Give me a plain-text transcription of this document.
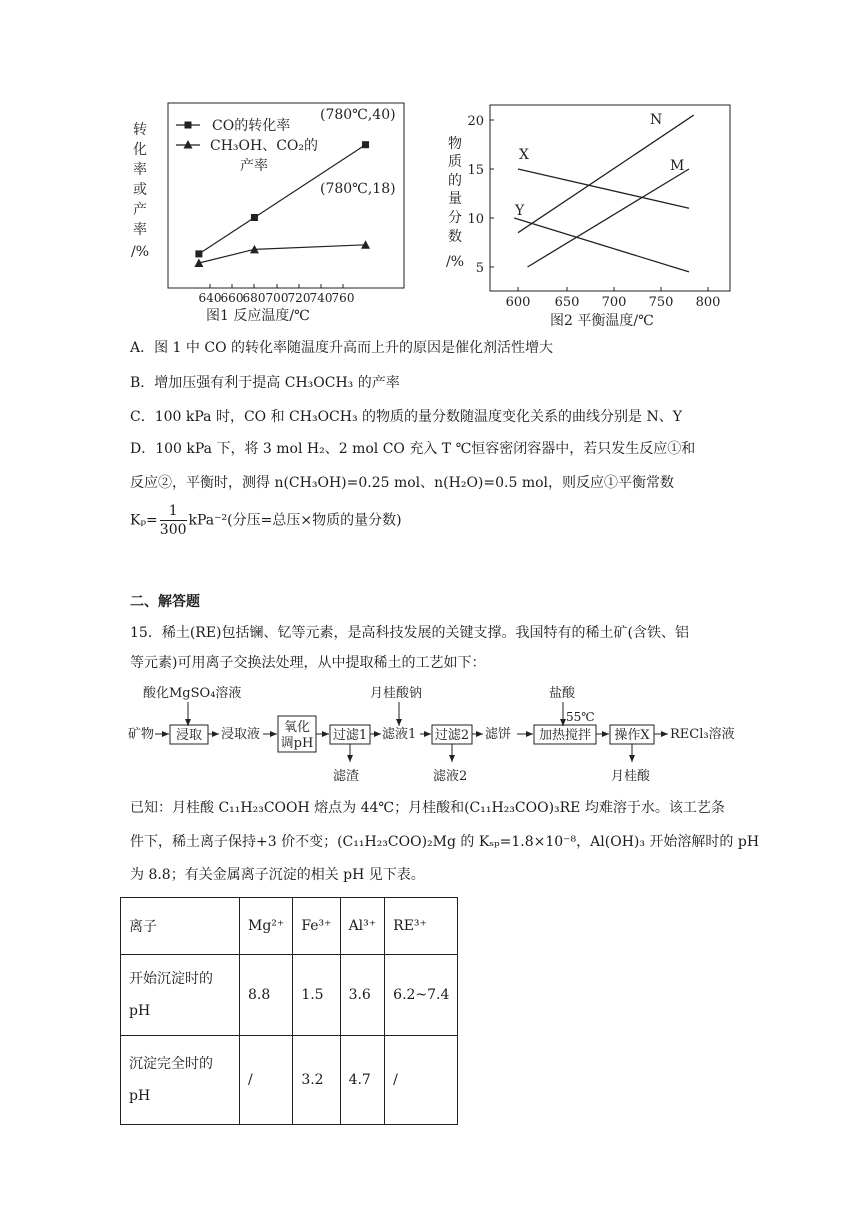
转
化
率
或
产
率
/%
640 660 680 700 720 740 760
CO的转化率
CH₃OH、CO₂的
产率
(780℃,40)
(780℃,18)
图1 反应温度/℃
物
质
的
量
分
数
/% 5
10
15
20
600 650 700 750 800
N
M
X
Y
图2 平衡温度/℃
A．图 1 中 CO 的转化率随温度升高而上升的原因是催化剂活性增大
B．增加压强有利于提高 CH₃OCH₃ 的产率
C．100 kPa 时，CO 和 CH₃OCH₃ 的物质的量分数随温度变化关系的曲线分别是 N、Y
D．100 kPa 下，将 3 mol H₂、2 mol CO 充入 T ℃恒容密闭容器中，若只发生反应①和
反应②，平衡时，测得 n(CH₃OH)=0.25 mol、n(H₂O)=0.5 mol，则反应①平衡常数
$K_p= \frac{1}{300} kPa^{-2}$(分压=总压×物质的量分数)
二、解答题
15．稀土(RE)包括镧、钇等元素，是高科技发展的关键支撑。我国特有的稀土矿(含铁、铝
等元素)可用离子交换法处理，从中提取稀土的工艺如下：
酸化MgSO₄溶液	月桂酸钠	盐酸
55℃
矿物 浸取 浸取液 氧化
调pH
过滤1 滤液1 过滤2 滤饼 加热搅拌 操作X RECl₃溶液
滤渣	滤液2	月桂酸
已知：月桂酸 C₁₁H₂₃COOH 熔点为 44℃；月桂酸和(C₁₁H₂₃COO)₃RE 均难溶于水。该工艺条
件下，稀土离子保持+3 价不变；(C₁₁H₂₃COO)₂Mg 的 Kₛₚ=1.8×10⁻⁸，Al(OH)₃ 开始溶解时的 pH
为 8.8；有关金属离子沉淀的相关 pH 见下表。
离子	Mg²⁺	Fe³⁺	Al³⁺	RE³⁺
开始沉淀时的pH	8.8	1.5	3.6	6.2~7.4
沉淀完全时的pH	/	3.2	4.7	/
